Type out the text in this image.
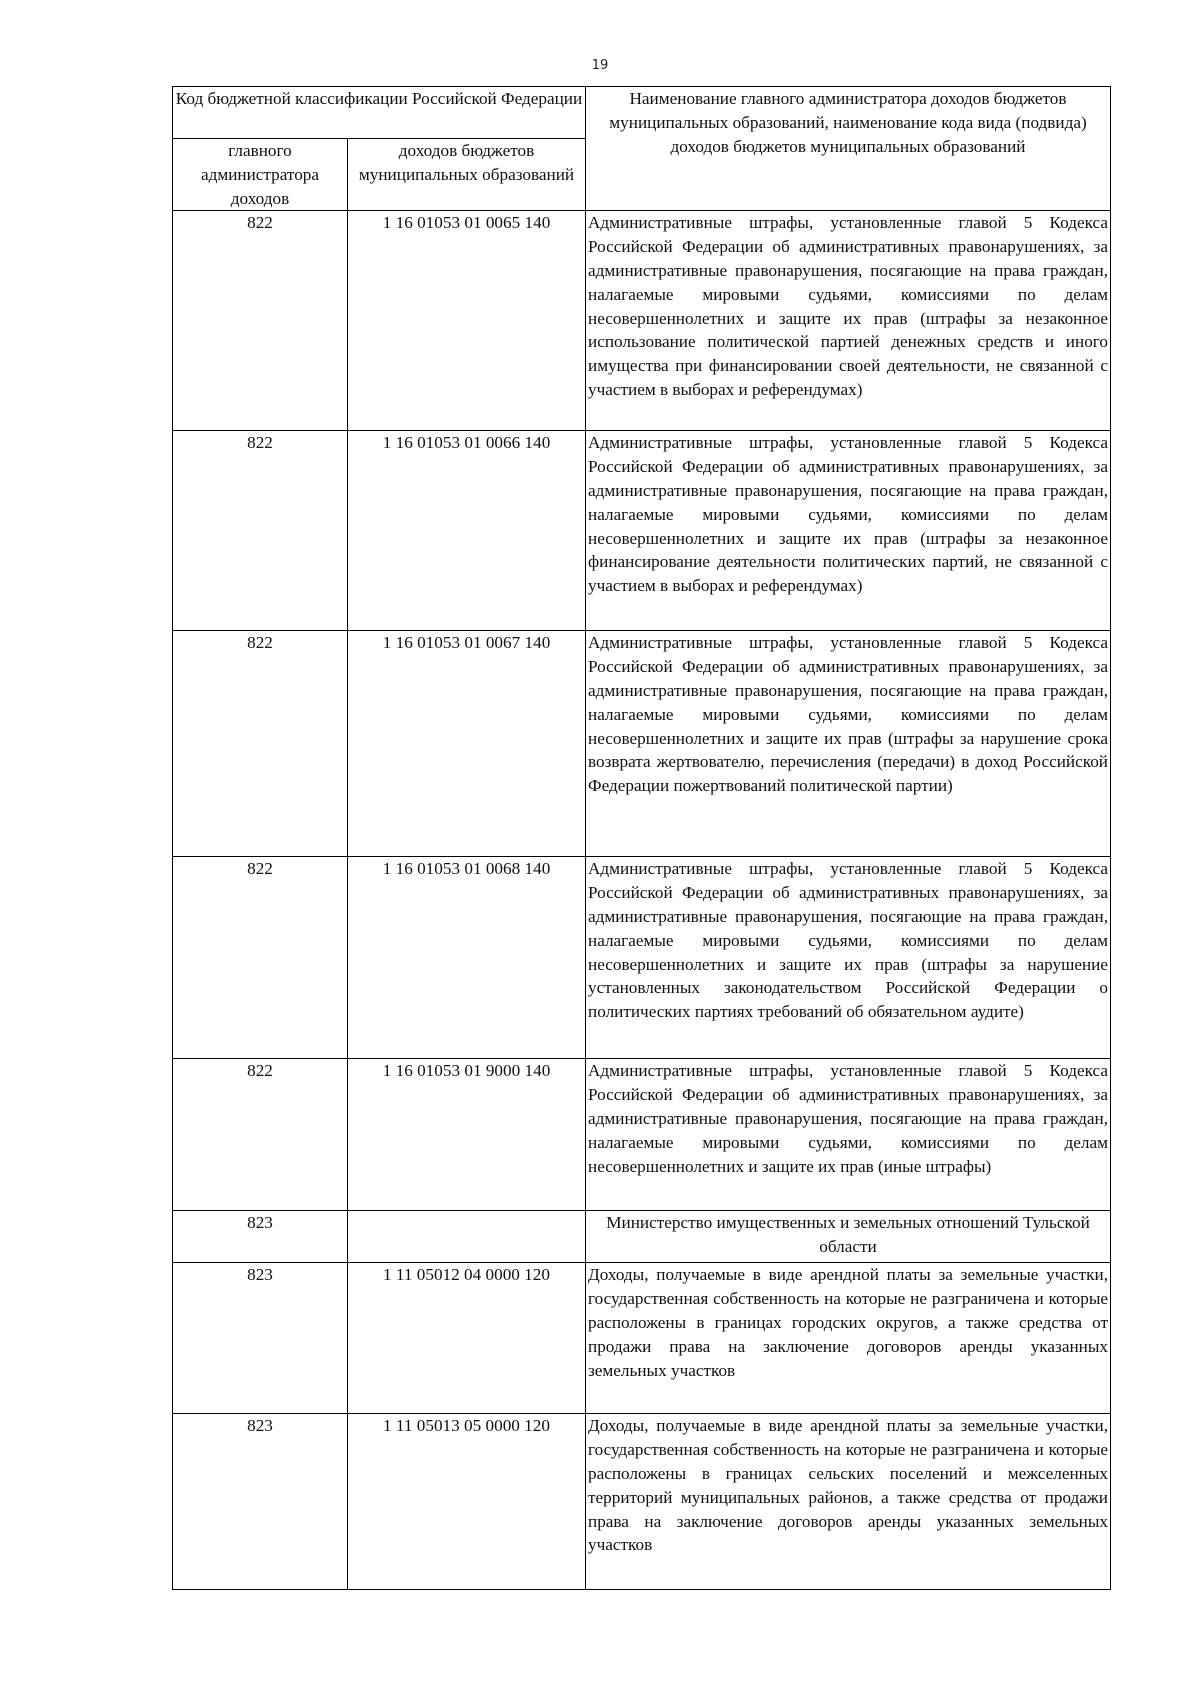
19
Код бюджетной классификации Российской Федерации		Наименование главного администратора доходов бюджетов муниципальных образований, наименование кода вида (подвида) доходов бюджетов муниципальных образований
главного администратора доходов	доходов бюджетов муниципальных образований	
822	1 16 01053 01 0065 140	Административные штрафы, установленные главой 5 Кодекса Российской Федерации об административных правонарушениях, за административные правонарушения, посягающие на права граждан, налагаемые мировыми судьями, комиссиями по делам несовершеннолетних и защите их прав (штрафы за незаконное использование политической партией денежных средств и иного имущества при финансировании своей деятельности, не связанной с участием в выборах и референдумах)
822	1 16 01053 01 0066 140	Административные штрафы, установленные главой 5 Кодекса Российской Федерации об административных правонарушениях, за административные правонарушения, посягающие на права граждан, налагаемые мировыми судьями, комиссиями по делам несовершеннолетних и защите их прав (штрафы за незаконное финансирование деятельности политических партий, не связанной с участием в выборах и референдумах)
822	1 16 01053 01 0067 140	Административные штрафы, установленные главой 5 Кодекса Российской Федерации об административных правонарушениях, за административные правонарушения, посягающие на права граждан, налагаемые мировыми судьями, комиссиями по делам несовершеннолетних и защите их прав (штрафы за нарушение срока возврата жертвователю, перечисления (передачи) в доход Российской Федерации пожертвований политической партии)
822	1 16 01053 01 0068 140	Административные штрафы, установленные главой 5 Кодекса Российской Федерации об административных правонарушениях, за административные правонарушения, посягающие на права граждан, налагаемые мировыми судьями, комиссиями по делам несовершеннолетних и защите их прав (штрафы за нарушение установленных законодательством Российской Федерации о политических партиях требований об обязательном аудите)
822	1 16 01053 01 9000 140	Административные штрафы, установленные главой 5 Кодекса Российской Федерации об административных правонарушениях, за административные правонарушения, посягающие на права граждан, налагаемые мировыми судьями, комиссиями по делам несовершеннолетних и защите их прав (иные штрафы)
823		Министерство имущественных и земельных отношений Тульской области
823	1 11 05012 04 0000 120	Доходы, получаемые в виде арендной платы за земельные участки, государственная собственность на которые не разграничена и которые расположены в границах городских округов, а также средства от продажи права на заключение договоров аренды указанных земельных участков
823	1 11 05013 05 0000 120	Доходы, получаемые в виде арендной платы за земельные участки, государственная собственность на которые не разграничена и которые расположены в границах сельских поселений и межселенных территорий муниципальных районов, а также средства от продажи права на заключение договоров аренды указанных земельных участков
